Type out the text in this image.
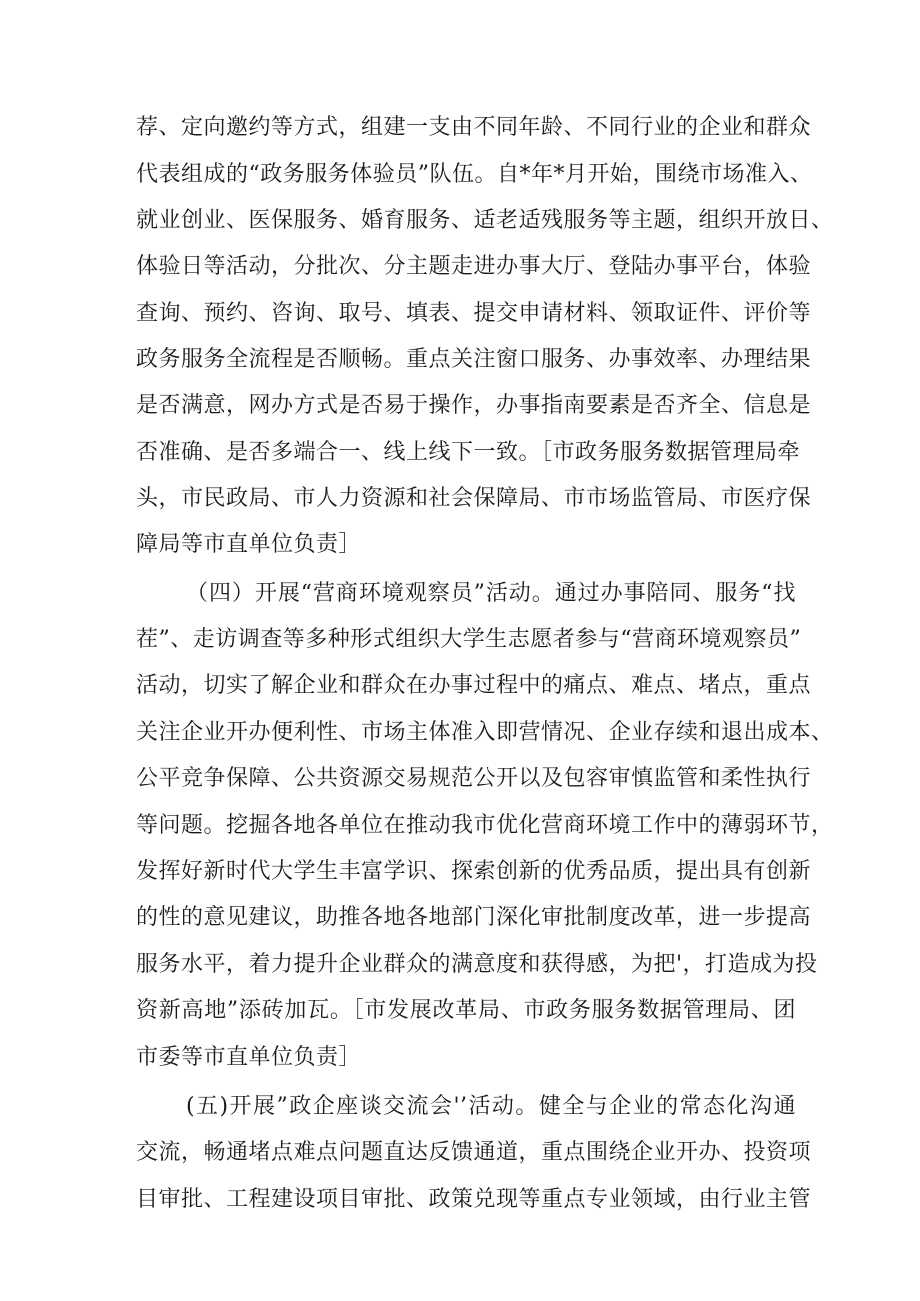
荐、定向邀约等方式，组建一支由不同年龄、不同行业的企业和群众
代表组成的“政务服务体验员”队伍。自*年*月开始，围绕市场准入、
就业创业、医保服务、婚育服务、适老适残服务等主题，组织开放日、
体验日等活动，分批次、分主题走进办事大厅、登陆办事平台，体验
查询、预约、咨询、取号、填表、提交申请材料、领取证件、评价等
政务服务全流程是否顺畅。重点关注窗口服务、办事效率、办理结果
是否满意，网办方式是否易于操作，办事指南要素是否齐全、信息是
否准确、是否多端合一、线上线下一致。［市政务服务数据管理局牵
头，市民政局、市人力资源和社会保障局、市市场监管局、市医疗保
障局等市直单位负责］
（四）开展“营商环境观察员”活动。通过办事陪同、服务“找
茬”、走访调查等多种形式组织大学生志愿者参与“营商环境观察员”
活动，切实了解企业和群众在办事过程中的痛点、难点、堵点，重点
关注企业开办便利性、市场主体准入即营情况、企业存续和退出成本、
公平竞争保障、公共资源交易规范公开以及包容审慎监管和柔性执行
等问题。挖掘各地各单位在推动我市优化营商环境工作中的薄弱环节，
发挥好新时代大学生丰富学识、探索创新的优秀品质，提出具有创新
的性的意见建议，助推各地各地部门深化审批制度改革，进一步提高
服务水平，着力提升企业群众的满意度和获得感，为把'，打造成为投
资新高地”添砖加瓦。［市发展改革局、市政务服务数据管理局、团
市委等市直单位负责］
(五)开展”政企座谈交流会'’活动。健全与企业的常态化沟通
交流，畅通堵点难点问题直达反馈通道，重点围绕企业开办、投资项
目审批、工程建设项目审批、政策兑现等重点专业领域，由行业主管
